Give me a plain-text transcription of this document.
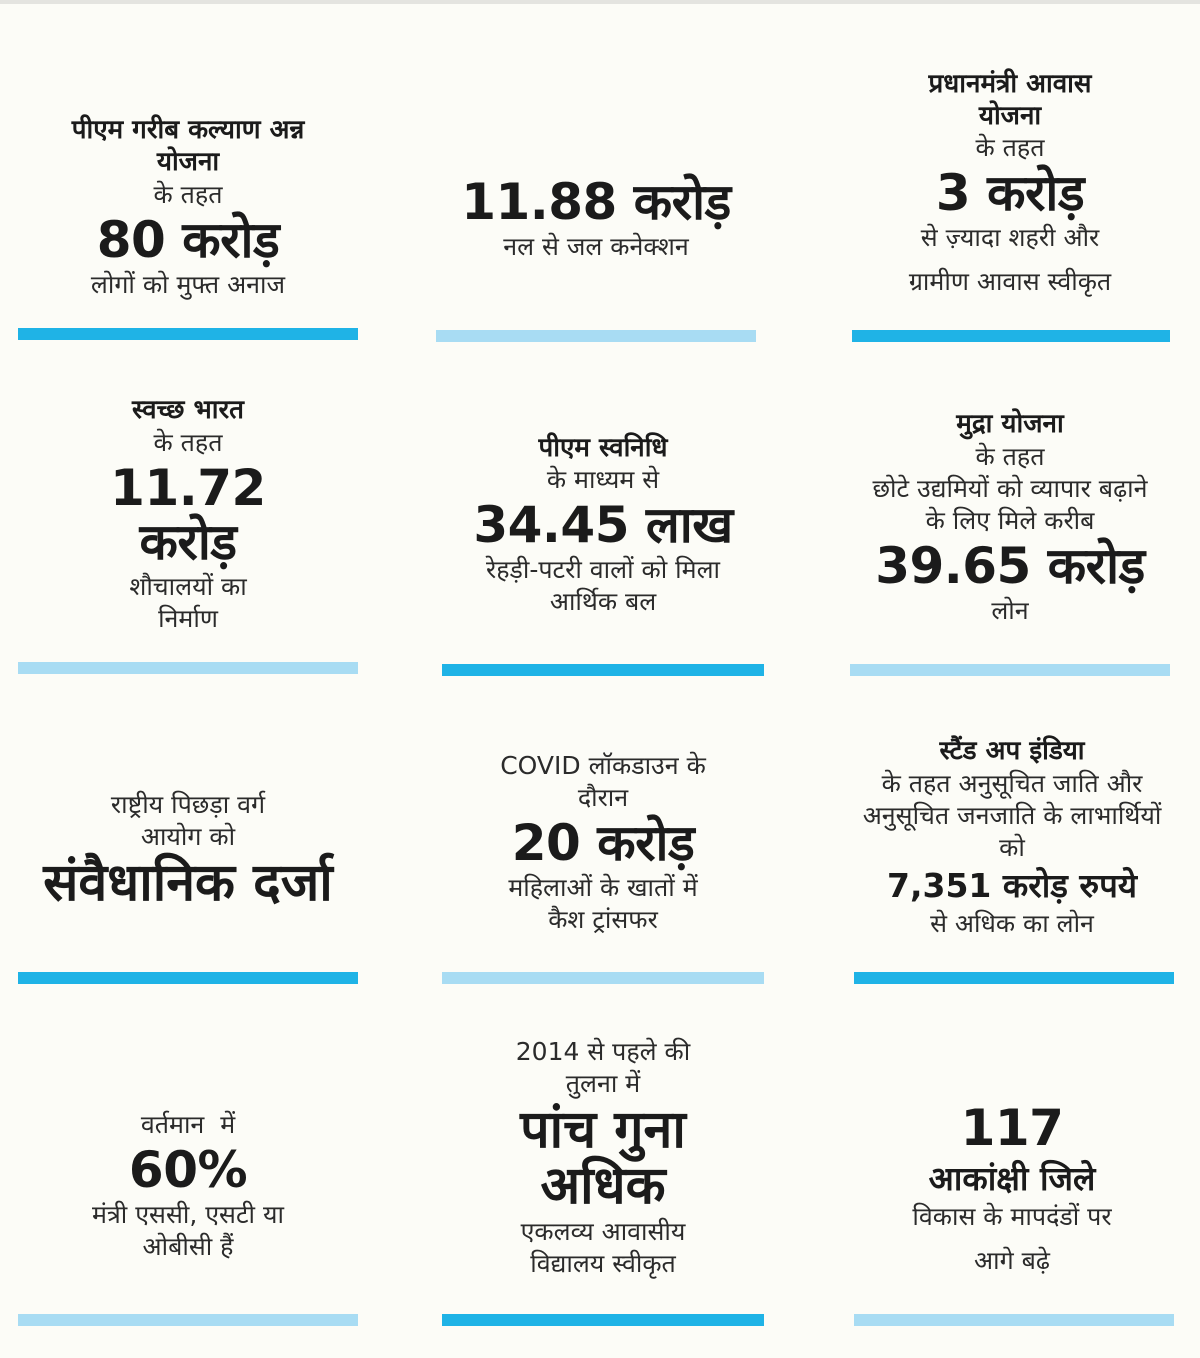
पीएम गरीब कल्याण अन्न योजना

के तहत

80 करोड़

लोगों को मुफ्त अनाज

11.88 करोड़

नल से जल कनेक्शन

प्रधानमंत्री आवास योजना

के तहत

3 करोड़

से ज़्यादा शहरी और

ग्रामीण आवास स्वीकृत

स्वच्छ भारत

के तहत

11.72

करोड़

शौचालयों का निर्माण

पीएम स्वनिधि

के माध्यम से

34.45 लाख

रेहड़ी-पटरी वालों को मिला आर्थिक बल

मुद्रा योजना

के तहत

छोटे उद्यमियों को व्यापार बढ़ाने के लिए मिले करीब

39.65 करोड़

लोन

राष्ट्रीय पिछड़ा वर्ग आयोग को

संवैधानिक दर्जा

COVID लॉकडाउन के दौरान

20 करोड़

महिलाओं के खातों में कैश ट्रांसफर

स्टैंड अप इंडिया

के तहत अनुसूचित जाति और अनुसूचित जनजाति के लाभार्थियों को

7,351 करोड़ रुपये

से अधिक का लोन

वर्तमान  में

60%

मंत्री एससी, एसटी या ओबीसी हैं

2014 से पहले की तुलना में

पांच गुना अधिक

एकलव्य आवासीय विद्यालय स्वीकृत

117

आकांक्षी जिले

विकास के मापदंडों पर

आगे बढ़े
